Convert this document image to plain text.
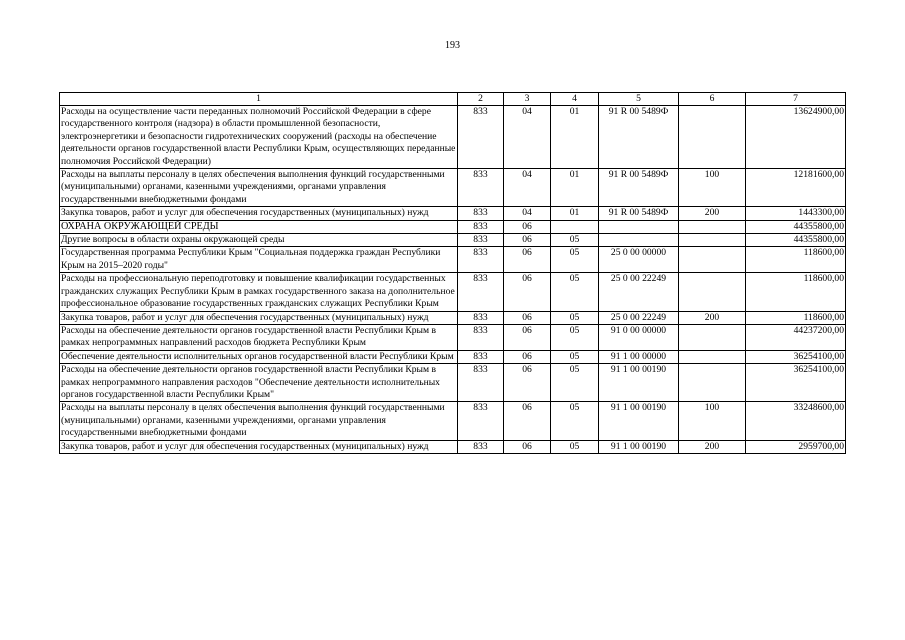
193
1	2	3	4	5	6	7
Расходы на осуществление части переданных полномочий Российской Федерации в сфере государственного контроля (надзора) в области промышленной безопасности, электроэнергетики и безопасности гидротехнических сооружений (расходы на обеспечение деятельности органов государственной власти Республики Крым, осуществляющих переданные полномочия Российской Федерации)	833	04	01	91 R 00 5489Ф		13624900,00
Расходы на выплаты персоналу в целях обеспечения выполнения функций государственными (муниципальными) органами, казенными учреждениями, органами управления государственными внебюджетными фондами	833	04	01	91 R 00 5489Ф	100	12181600,00
Закупка товаров, работ и услуг для обеспечения государственных (муниципальных) нужд	833	04	01	91 R 00 5489Ф	200	1443300,00
ОХРАНА ОКРУЖАЮЩЕЙ СРЕДЫ	833	06				44355800,00
Другие вопросы в области охраны окружающей среды	833	06	05			44355800,00
Государственная программа Республики Крым "Социальная поддержка граждан Республики Крым на 2015–2020 годы"	833	06	05	25 0 00 00000		118600,00
Расходы на профессиональную переподготовку и повышение квалификации государственных гражданских служащих Республики Крым в рамках государственного заказа на дополнительное профессиональное образование государственных гражданских служащих Республики Крым	833	06	05	25 0 00 22249		118600,00
Закупка товаров, работ и услуг для обеспечения государственных (муниципальных) нужд	833	06	05	25 0 00 22249	200	118600,00
Расходы на обеспечение деятельности органов государственной власти Республики Крым в рамках непрограммных направлений расходов бюджета Республики Крым	833	06	05	91 0 00 00000		44237200,00
Обеспечение деятельности исполнительных органов государственной власти Республики Крым	833	06	05	91 1 00 00000		36254100,00
Расходы на обеспечение деятельности органов государственной власти Республики Крым в рамках непрограммного направления расходов "Обеспечение деятельности исполнительных органов государственной власти Республики Крым"	833	06	05	91 1 00 00190		36254100,00
Расходы на выплаты персоналу в целях обеспечения выполнения функций государственными (муниципальными) органами, казенными учреждениями, органами управления государственными внебюджетными фондами	833	06	05	91 1 00 00190	100	33248600,00
Закупка товаров, работ и услуг для обеспечения государственных (муниципальных) нужд	833	06	05	91 1 00 00190	200	2959700,00
